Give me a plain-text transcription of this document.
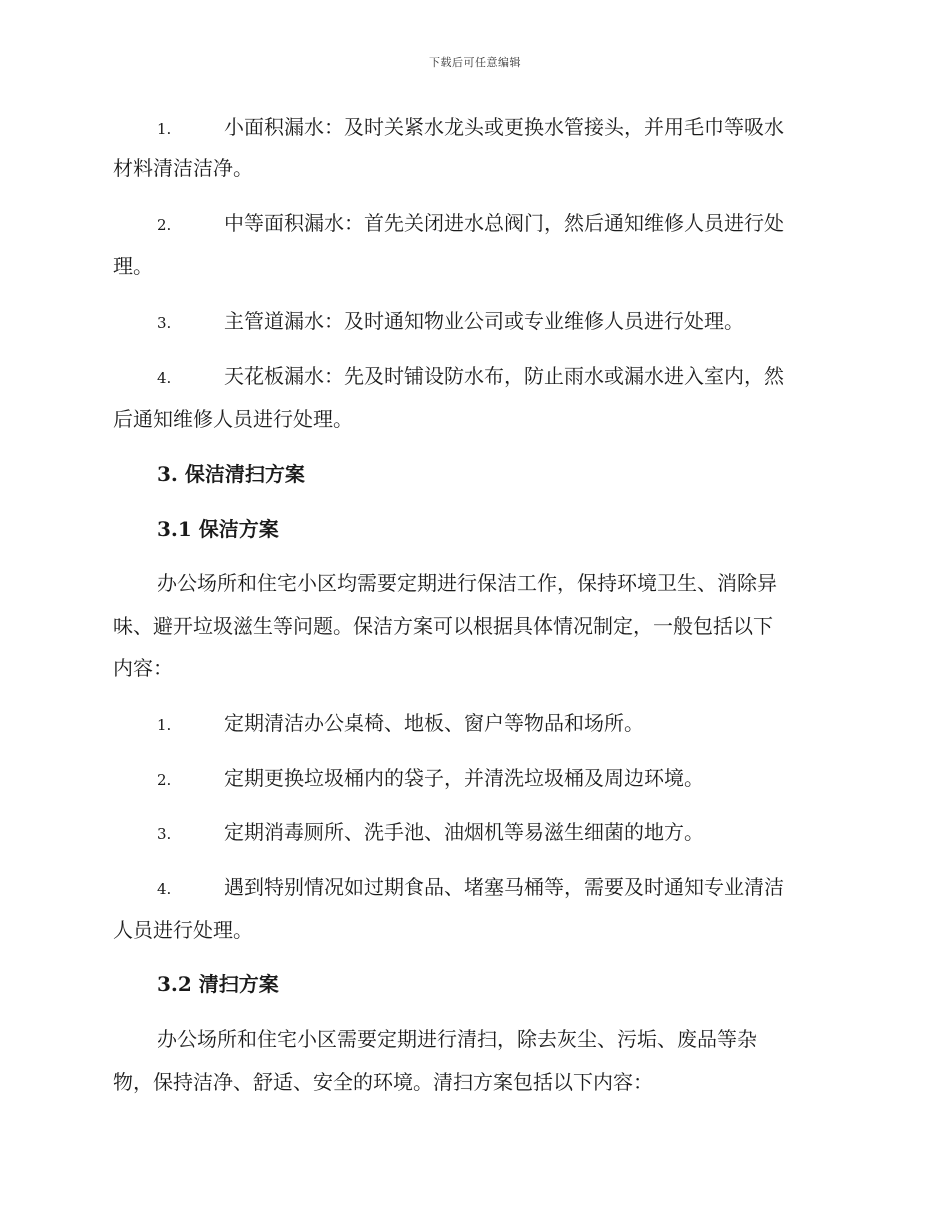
下载后可任意编辑
1.	小面积漏水：及时关紧水龙头或更换水管接头，并用毛巾等吸水
材料清洁洁净。
2.	中等面积漏水：首先关闭进水总阀门，然后通知维修人员进行处
理。
3.	主管道漏水：及时通知物业公司或专业维修人员进行处理。
4.	天花板漏水：先及时铺设防水布，防止雨水或漏水进入室内，然
后通知维修人员进行处理。
3. 保洁清扫方案
3.1 保洁方案
办公场所和住宅小区均需要定期进行保洁工作，保持环境卫生、消除异
味、避开垃圾滋生等问题。保洁方案可以根据具体情况制定，一般包括以下
内容：
1.	定期清洁办公桌椅、地板、窗户等物品和场所。
2.	定期更换垃圾桶内的袋子，并清洗垃圾桶及周边环境。
3.	定期消毒厕所、洗手池、油烟机等易滋生细菌的地方。
4.	遇到特别情况如过期食品、堵塞马桶等，需要及时通知专业清洁
人员进行处理。
3.2 清扫方案
办公场所和住宅小区需要定期进行清扫，除去灰尘、污垢、废品等杂
物，保持洁净、舒适、安全的环境。清扫方案包括以下内容：
